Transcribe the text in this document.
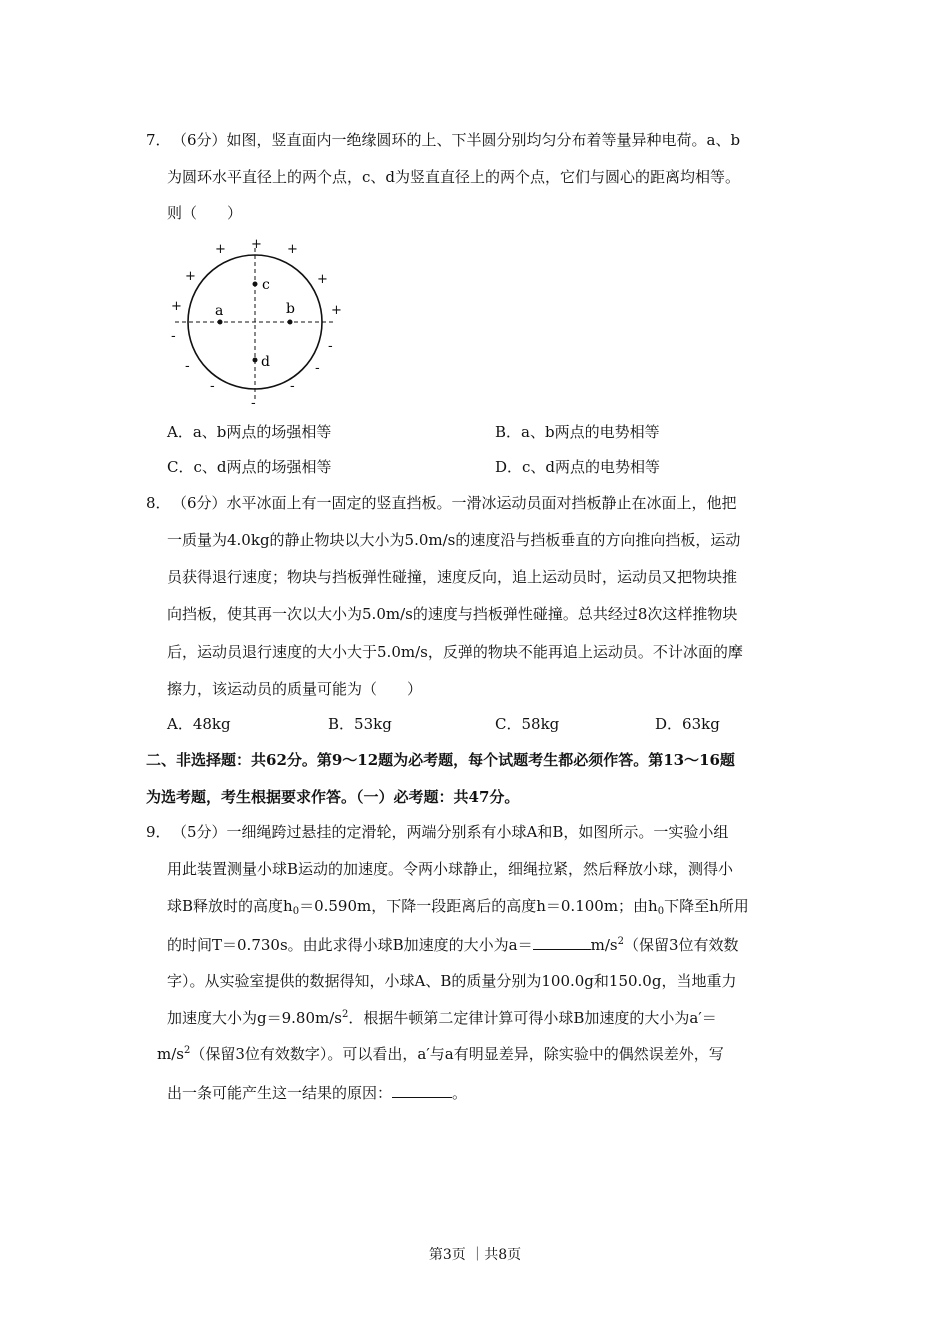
7． （6分）如图，竖直面内一绝缘圆环的上、下半圆分别均匀分布着等量异种电荷。a、b
为圆环水平直径上的两个点，c、d为竖直直径上的两个点，它们与圆心的距离均相等。
则（　　）
a	b
c
d
+
+	+
+	+
+	+
-
-
-	-
-	-
-
A．a、b两点的场强相等	B．a、b两点的电势相等
C．c、d两点的场强相等	D．c、d两点的电势相等
8． （6分）水平冰面上有一固定的竖直挡板。一滑冰运动员面对挡板静止在冰面上，他把
一质量为4.0kg的静止物块以大小为5.0m/s的速度沿与挡板垂直的方向推向挡板，运动
员获得退行速度；物块与挡板弹性碰撞，速度反向，追上运动员时，运动员又把物块推
向挡板，使其再一次以大小为5.0m/s的速度与挡板弹性碰撞。总共经过8次这样推物块
后，运动员退行速度的大小大于5.0m/s，反弹的物块不能再追上运动员。不计冰面的摩
擦力，该运动员的质量可能为（　　）
A．48kg	B．53kg	C．58kg	D．63kg
二、非选择题：共62分。第9～12题为必考题，每个试题考生都必须作答。第13～16题
为选考题，考生根据要求作答。（一）必考题：共47分。
9． （5分）一细绳跨过悬挂的定滑轮，两端分别系有小球A和B，如图所示。一实验小组
用此装置测量小球B运动的加速度。令两小球静止，细绳拉紧，然后释放小球，测得小
球B释放时的高度$h_0=0.590m$，下降一段距离后的高度h＝0.100m；由$h_0$下降至h所用
的时间T＝0.730s。由此求得小球B加速度的大小为a＝	$m/s^2$（保留3位有效数
字）。从实验室提供的数据得知，小球A、B的质量分别为100.0g和150.0g，当地重力
加速度大小为$g=9.80m/s^2$．根据牛顿第二定律计算可得小球B加速度的大小为a′＝
$m/s^2$（保留3位有效数字）。可以看出，a′与a有明显差异，除实验中的偶然误差外，写
出一条可能产生这一结果的原因：	。
第3页 ｜共8页
